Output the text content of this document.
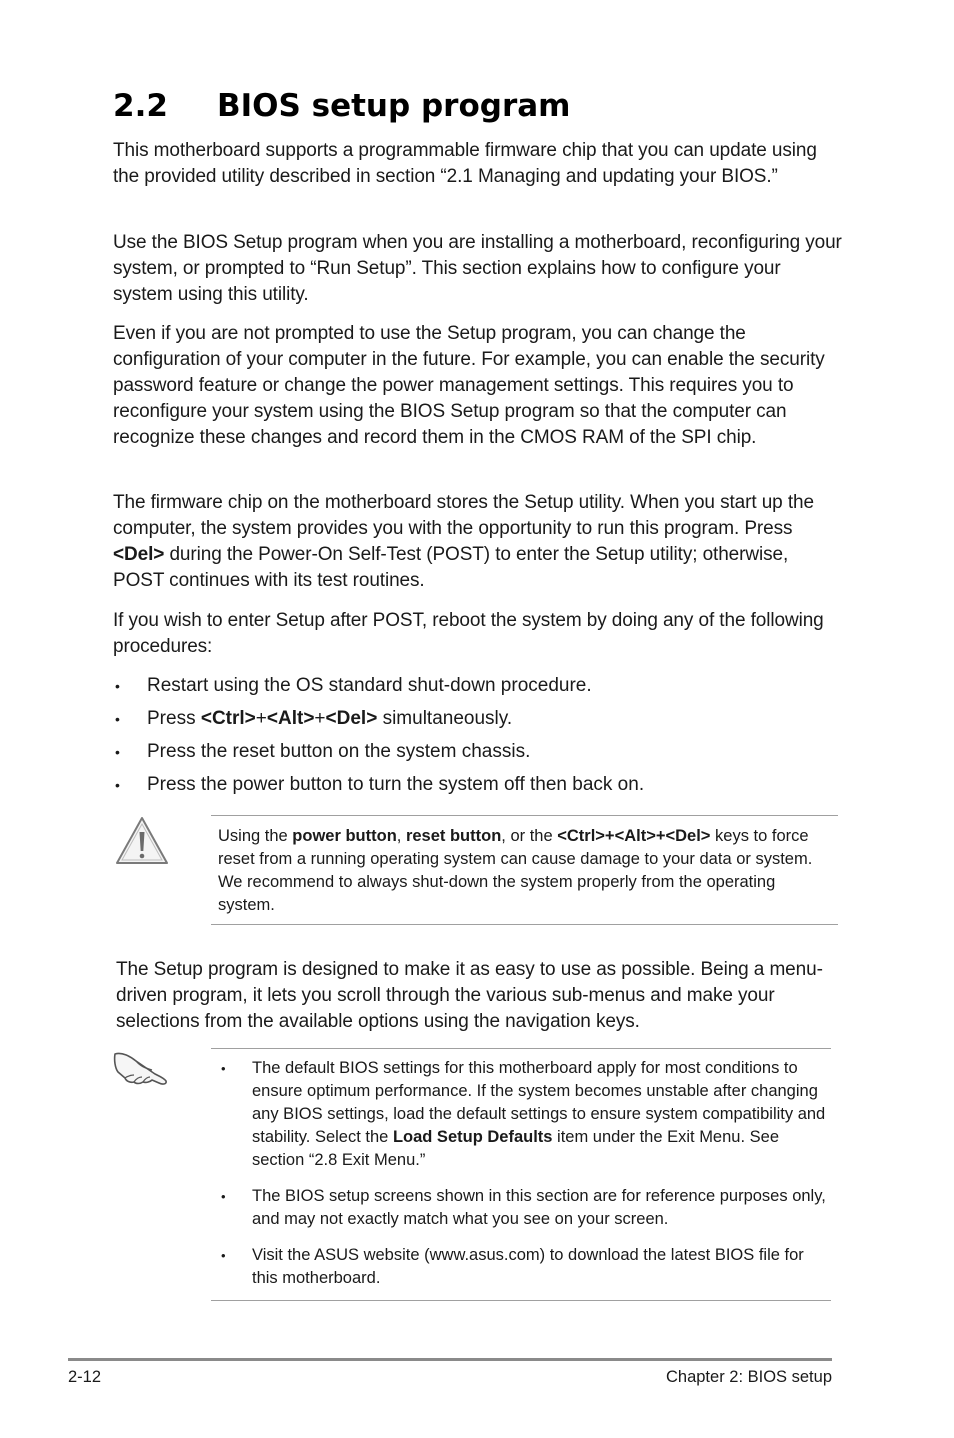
2.2 BIOS setup program

This motherboard supports a programmable firmware chip that you can update using the provided utility described in section “2.1 Managing and updating your BIOS.”

Use the BIOS Setup program when you are installing a motherboard, reconfiguring your system, or prompted to “Run Setup”. This section explains how to configure your system using this utility.

Even if you are not prompted to use the Setup program, you can change the configuration of your computer in the future. For example, you can enable the security password feature or change the power management settings. This requires you to reconfigure your system using the BIOS Setup program so that the computer can recognize these changes and record them in the CMOS RAM of the SPI chip.

The firmware chip on the motherboard stores the Setup utility. When you start up the computer, the system provides you with the opportunity to run this program. Press <Del> during the Power-On Self-Test (POST) to enter the Setup utility; otherwise, POST continues with its test routines.

If you wish to enter Setup after POST, reboot the system by doing any of the following procedures:

• Restart using the OS standard shut-down procedure.
• Press <Ctrl>+<Alt>+<Del> simultaneously.
• Press the reset button on the system chassis.
• Press the power button to turn the system off then back on.

Using the power button, reset button, or the <Ctrl>+<Alt>+<Del> keys to force reset from a running operating system can cause damage to your data or system. We recommend to always shut-down the system properly from the operating system.

The Setup program is designed to make it as easy to use as possible. Being a menu-driven program, it lets you scroll through the various sub-menus and make your selections from the available options using the navigation keys.

• The default BIOS settings for this motherboard apply for most conditions to ensure optimum performance. If the system becomes unstable after changing any BIOS settings, load the default settings to ensure system compatibility and stability. Select the Load Setup Defaults item under the Exit Menu. See section “2.8 Exit Menu.”
• The BIOS setup screens shown in this section are for reference purposes only, and may not exactly match what you see on your screen.
• Visit the ASUS website (www.asus.com) to download the latest BIOS file for this motherboard.
2-12	Chapter 2: BIOS setup
